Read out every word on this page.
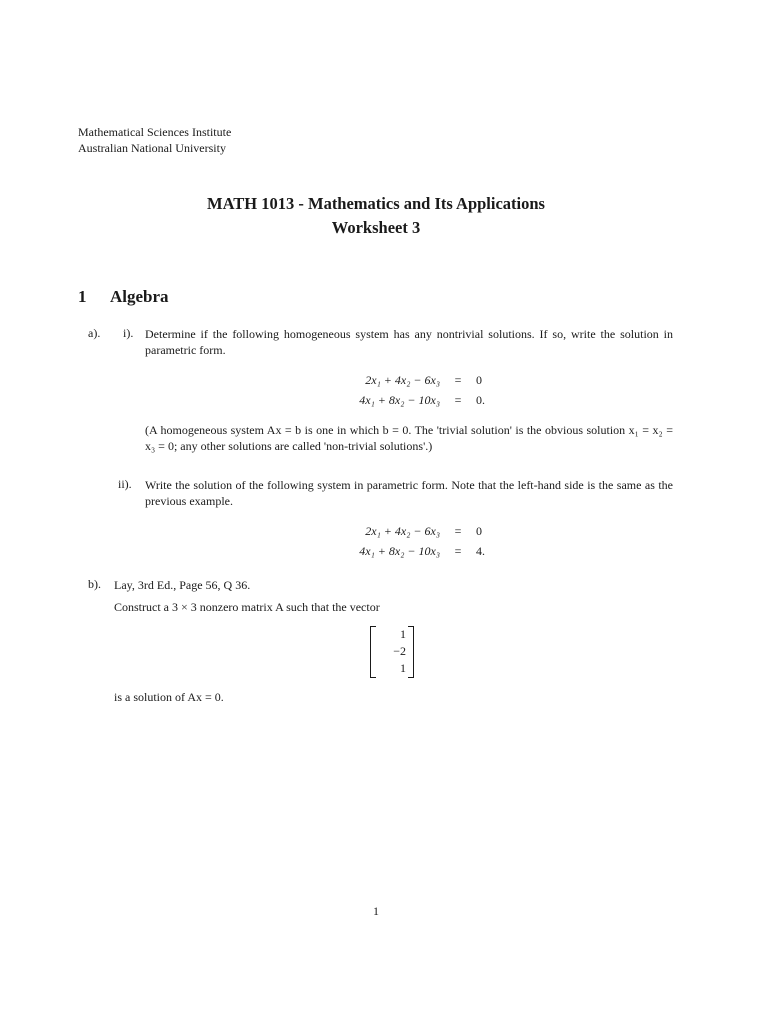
Mathematical Sciences Institute
Australian National University
MATH 1013 - Mathematics and Its Applications
Worksheet 3
1 Algebra
a). i). Determine if the following homogeneous system has any nontrivial solutions. If so, write the solution in parametric form.
2x₁ + 4x₂ − 6x₃ = 0
4x₁ + 8x₂ − 10x₃ = 0.
(A homogeneous system Ax = b is one in which b = 0. The 'trivial solution' is the obvious solution x₁ = x₂ = x₃ = 0; any other solutions are called 'non-trivial solutions'.)
ii). Write the solution of the following system in parametric form. Note that the left-hand side is the same as the previous example.
2x₁ + 4x₂ − 6x₃ = 0
4x₁ + 8x₂ − 10x₃ = 4.
b). Lay, 3rd Ed., Page 56, Q 36.
Construct a 3 × 3 nonzero matrix A such that the vector
1
−2
1
is a solution of Ax = 0.
1
